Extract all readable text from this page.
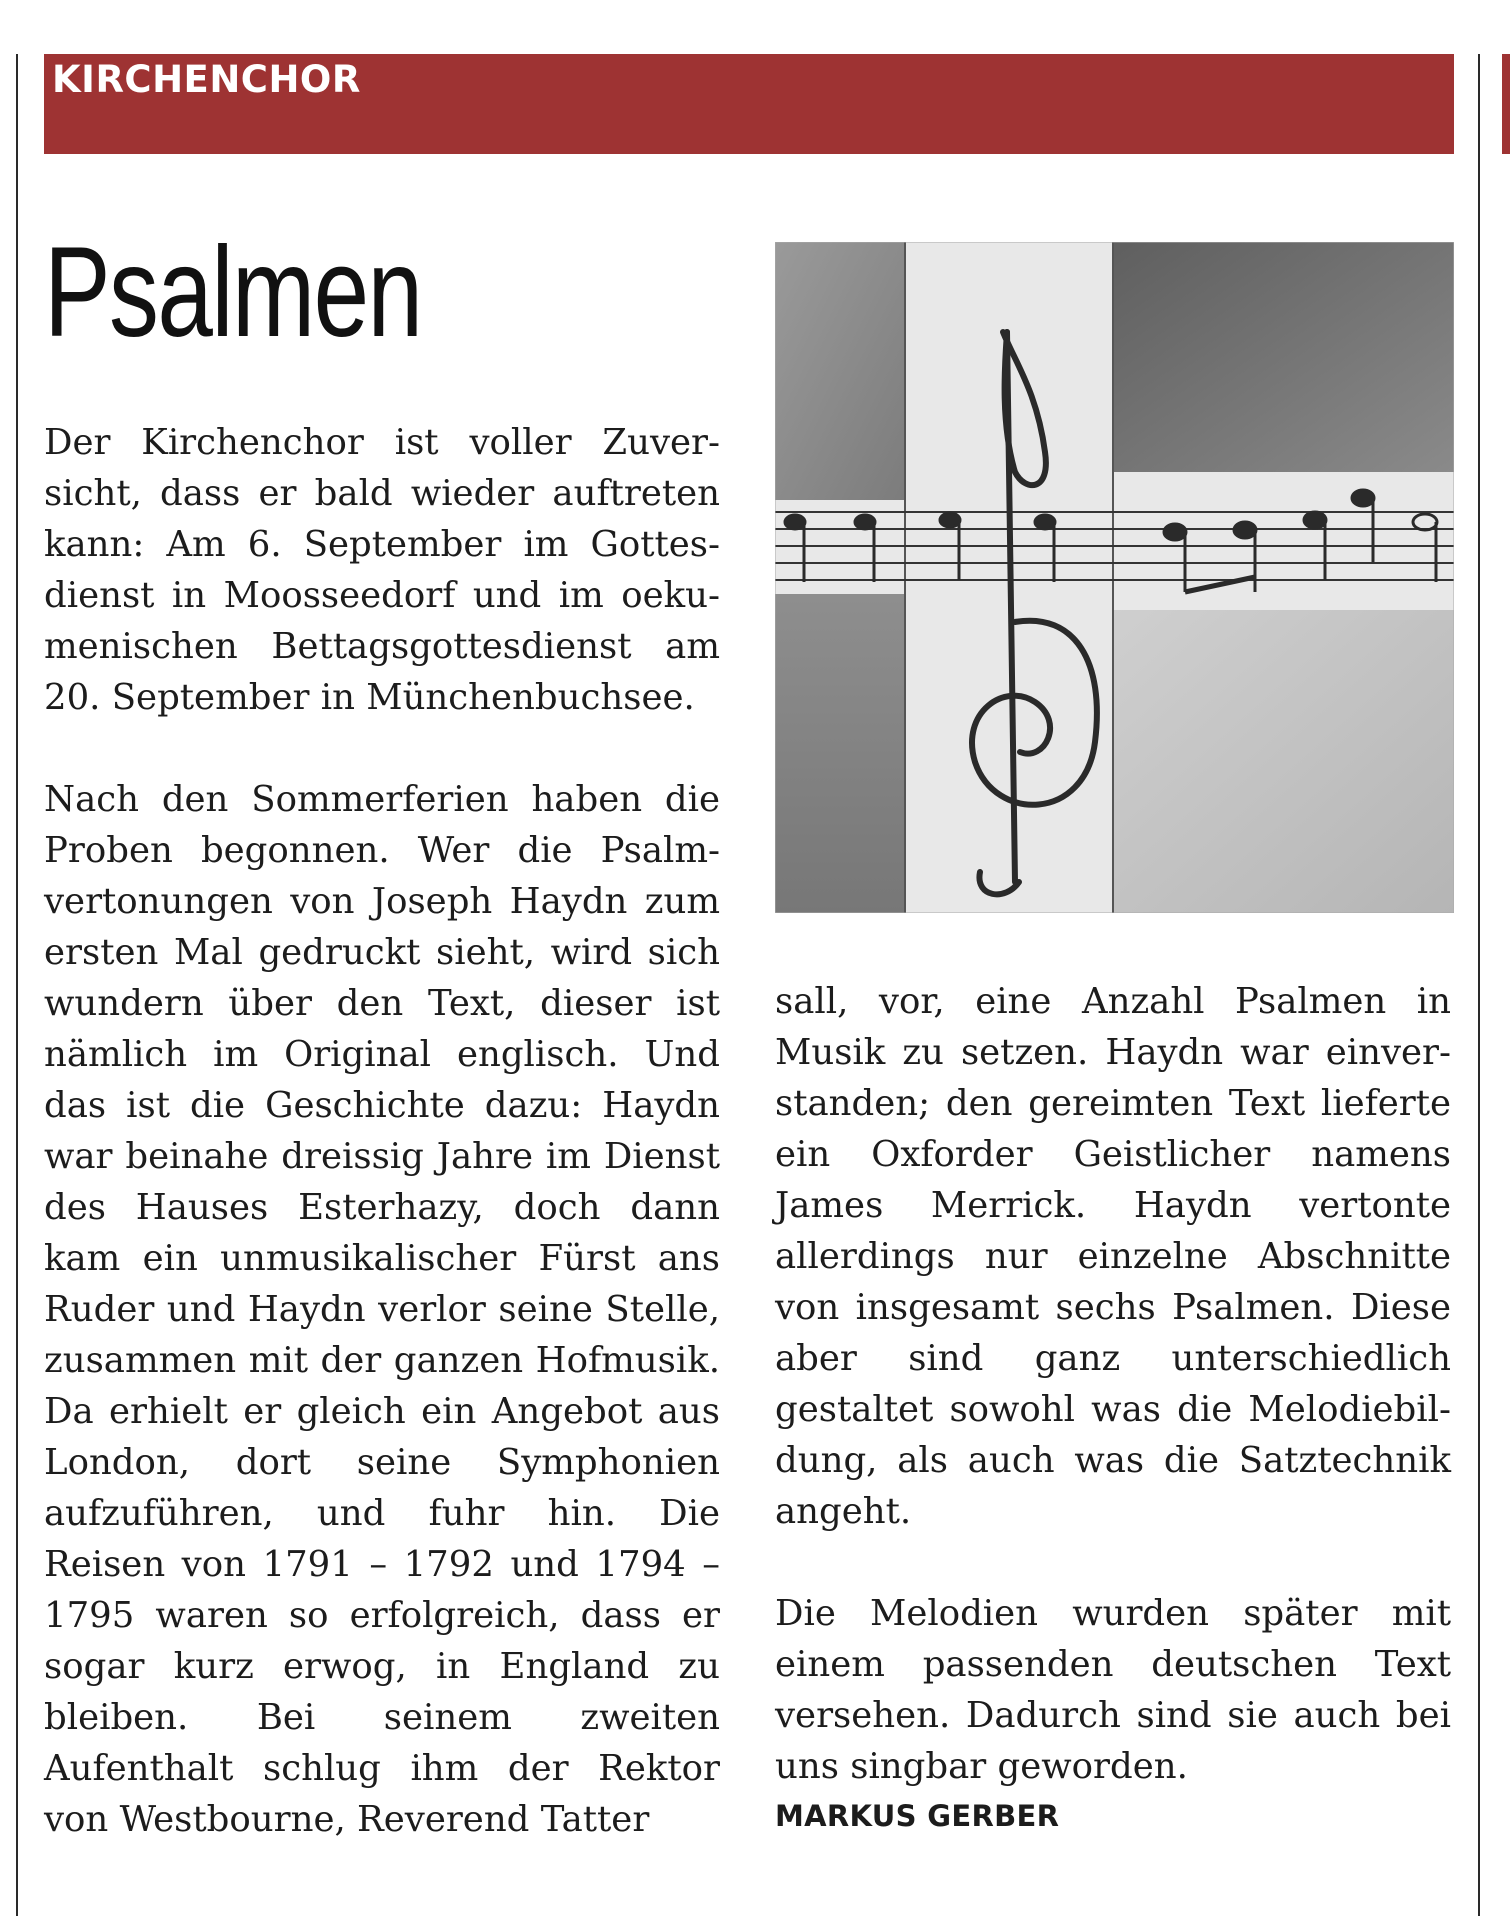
KIRCHENCHOR
Psalmen

Der Kirchenchor ist voller Zuversicht, dass er bald wieder auftreten kann: Am 6. September im Gottesdienst in Moosseedorf und im oekumenischen Bettagsgottesdienst am 20. September in Münchenbuchsee.

Nach den Sommerferien haben die Proben begonnen. Wer die Psalmvertonungen von Joseph Haydn zum ersten Mal gedruckt sieht, wird sich wundern über den Text, dieser ist nämlich im Original englisch. Und das ist die Geschichte dazu: Haydn war beinahe dreissig Jahre im Dienst des Hauses Esterhazy, doch dann kam ein unmusikalischer Fürst ans Ruder und Haydn verlor seine Stelle, zusammen mit der ganzen Hofmusik. Da erhielt er gleich ein Angebot aus London, dort seine Symphonien aufzuführen, und fuhr hin. Die Reisen von 1791 – 1792 und 1794 – 1795 waren so erfolgreich, dass er sogar kurz erwog, in England zu bleiben. Bei seinem zweiten Aufenthalt schlug ihm der Rektor von Westbourne, Reverend Tatter

sall, vor, eine Anzahl Psalmen in Musik zu setzen. Haydn war einverstanden; den gereimten Text lieferte ein Oxforder Geistlicher namens James Merrick. Haydn vertonte allerdings nur einzelne Abschnitte von insgesamt sechs Psalmen. Diese aber sind ganz unterschiedlich gestaltet sowohl was die Melodiebildung, als auch was die Satztechnik angeht.

Die Melodien wurden später mit einem passenden deutschen Text versehen. Dadurch sind sie auch bei uns singbar geworden.

MARKUS GERBER
